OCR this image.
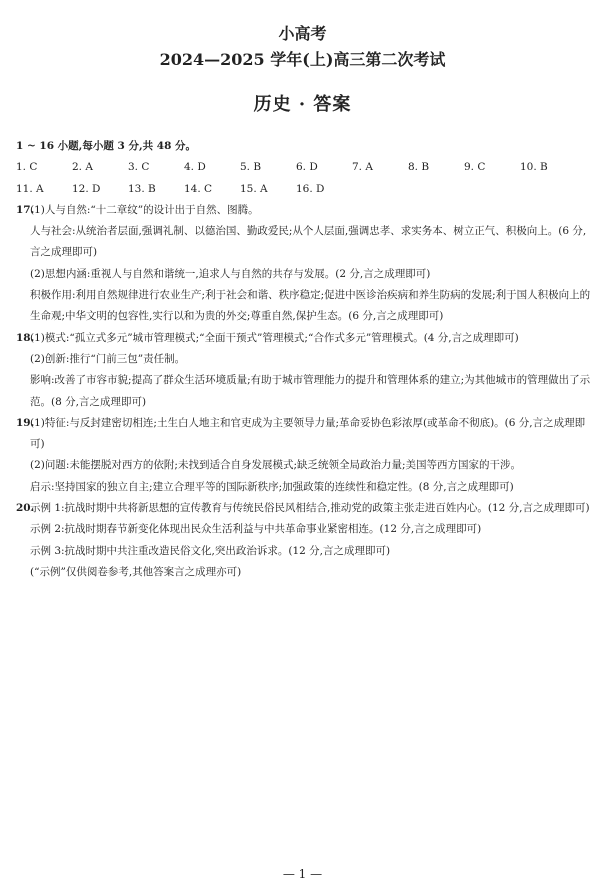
小高考
2024—2025 学年(上)高三第二次考试
历史 · 答案
1 ~ 16 小题,每小题 3 分,共 48 分。
1. C	2. A	3. C	4. D	5. B	6. D	7. A	8. B	9. C	10. B
11. A	12. D	13. B	14. C	15. A	16. D
17.
(1)人与自然:“十二章纹”的设计出于自然、图腾。
人与社会:从统治者层面,强调礼制、以德治国、勤政爱民;从个人层面,强调忠孝、求实务本、树立正气、积极向上。(6 分,言之成理即可)
(2)思想内涵:重视人与自然和谐统一,追求人与自然的共存与发展。(2 分,言之成理即可)
积极作用:利用自然规律进行农业生产;利于社会和谐、秩序稳定;促进中医诊治疾病和养生防病的发展;利于国人积极向上的生命观;中华文明的包容性,实行以和为贵的外交;尊重自然,保护生态。(6 分,言之成理即可)
18.
(1)模式:“孤立式多元”城市管理模式;“全面干预式”管理模式;“合作式多元”管理模式。(4 分,言之成理即可)
(2)创新:推行“门前三包”责任制。
影响:改善了市容市貌;提高了群众生活环境质量;有助于城市管理能力的提升和管理体系的建立;为其他城市的管理做出了示范。(8 分,言之成理即可)
19.
(1)特征:与反封建密切相连;土生白人地主和官吏成为主要领导力量;革命妥协色彩浓厚(或革命不彻底)。(6 分,言之成理即可)
(2)问题:未能摆脱对西方的依附;未找到适合自身发展模式;缺乏统领全局政治力量;美国等西方国家的干涉。
启示:坚持国家的独立自主;建立合理平等的国际新秩序;加强政策的连续性和稳定性。(8 分,言之成理即可)
20.
示例 1:抗战时期中共将新思想的宣传教育与传统民俗民风相结合,推动党的政策主张走进百姓内心。(12 分,言之成理即可)
示例 2:抗战时期春节新变化体现出民众生活利益与中共革命事业紧密相连。(12 分,言之成理即可)
示例 3:抗战时期中共注重改造民俗文化,突出政治诉求。(12 分,言之成理即可)
(“示例”仅供阅卷参考,其他答案言之成理亦可)
— 1 —
